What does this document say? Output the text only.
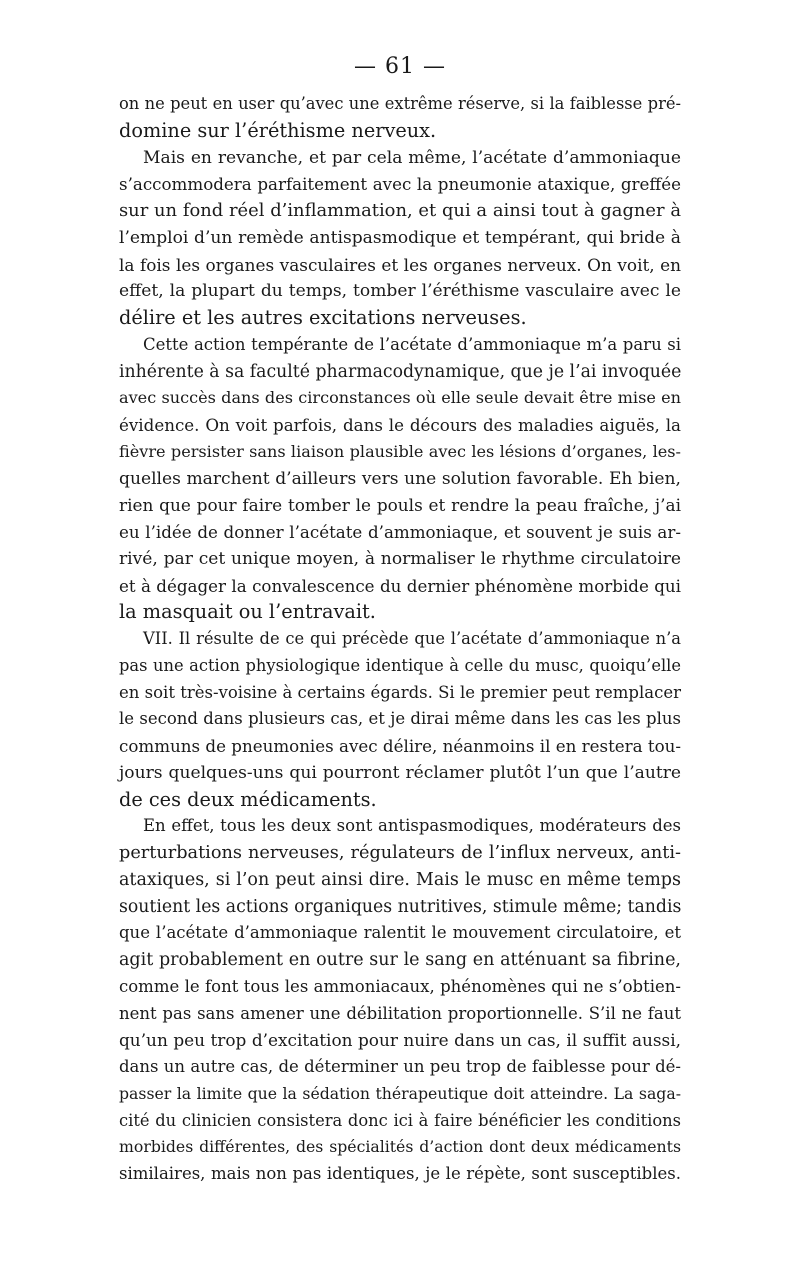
— 61 —
on ne peut en user qu’avec une extrême réserve, si la faiblesse pré-
domine sur l’éréthisme nerveux.
Mais en revanche, et par cela même, l’acétate d’ammoniaque
s’accommodera parfaitement avec la pneumonie ataxique, greffée
sur un fond réel d’inflammation, et qui a ainsi tout à gagner à
l’emploi d’un remède antispasmodique et tempérant, qui bride à
la fois les organes vasculaires et les organes nerveux. On voit, en
effet, la plupart du temps, tomber l’éréthisme vasculaire avec le
délire et les autres excitations nerveuses.
Cette action tempérante de l’acétate d’ammoniaque m’a paru si
inhérente à sa faculté pharmacodynamique, que je l’ai invoquée
avec succès dans des circonstances où elle seule devait être mise en
évidence. On voit parfois, dans le décours des maladies aiguës, la
fièvre persister sans liaison plausible avec les lésions d’organes, les-
quelles marchent d’ailleurs vers une solution favorable. Eh bien,
rien que pour faire tomber le pouls et rendre la peau fraîche, j’ai
eu l’idée de donner l’acétate d’ammoniaque, et souvent je suis ar-
rivé, par cet unique moyen, à normaliser le rhythme circulatoire
et à dégager la convalescence du dernier phénomène morbide qui
la masquait ou l’entravait.
VII. Il résulte de ce qui précède que l’acétate d’ammoniaque n’a
pas une action physiologique identique à celle du musc, quoiqu’elle
en soit très-voisine à certains égards. Si le premier peut remplacer
le second dans plusieurs cas, et je dirai même dans les cas les plus
communs de pneumonies avec délire, néanmoins il en restera tou-
jours quelques-uns qui pourront réclamer plutôt l’un que l’autre
de ces deux médicaments.
En effet, tous les deux sont antispasmodiques, modérateurs des
perturbations nerveuses, régulateurs de l’influx nerveux, anti-
ataxiques, si l’on peut ainsi dire. Mais le musc en même temps
soutient les actions organiques nutritives, stimule même; tandis
que l’acétate d’ammoniaque ralentit le mouvement circulatoire, et
agit probablement en outre sur le sang en atténuant sa fibrine,
comme le font tous les ammoniacaux, phénomènes qui ne s’obtien-
nent pas sans amener une débilitation proportionnelle. S’il ne faut
qu’un peu trop d’excitation pour nuire dans un cas, il suffit aussi,
dans un autre cas, de déterminer un peu trop de faiblesse pour dé-
passer la limite que la sédation thérapeutique doit atteindre. La saga-
cité du clinicien consistera donc ici à faire bénéficier les conditions
morbides différentes, des spécialités d’action dont deux médicaments
similaires, mais non pas identiques, je le répète, sont susceptibles.
